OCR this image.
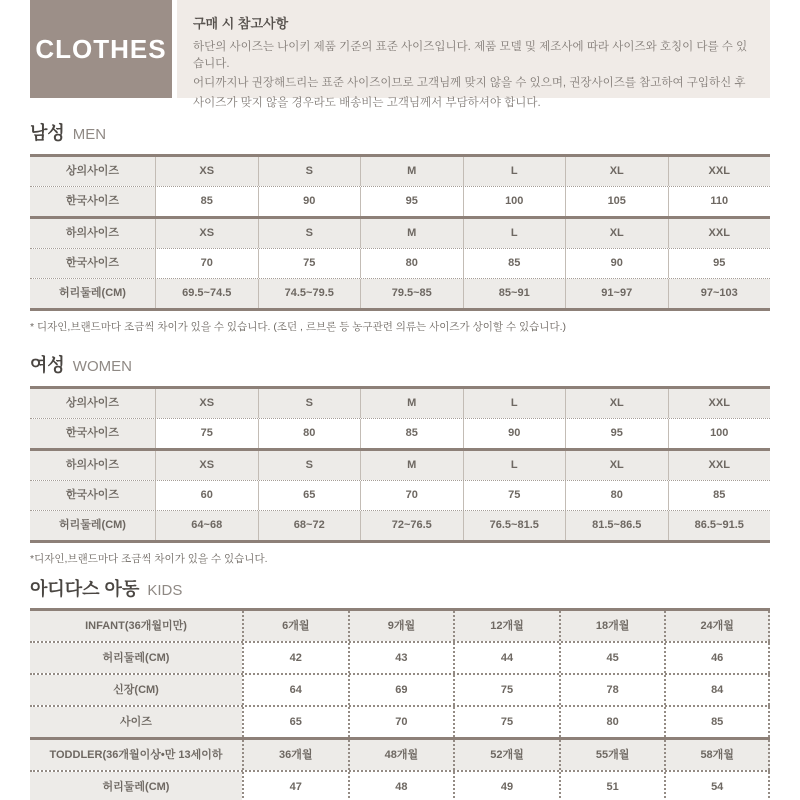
CLOTHES
구매 시 참고사항

하단의 사이즈는 나이키 제품 기준의 표준 사이즈입니다. 제품 모델 및 제조사에 따라 사이즈와 호칭이 다를 수 있습니다.

어디까지나 권장해드리는 표준 사이즈이므로 고객님께 맞지 않을 수 있으며, 권장사이즈를 참고하여 구입하신 후

사이즈가 맞지 않을 경우라도 배송비는 고객님께서 부담하셔야 합니다.

남성 MEN
상의사이즈	XS	S	M	L	XL	XXL
한국사이즈	85	90	95	100	105	110
하의사이즈	XS	S	M	L	XL	XXL
한국사이즈	70	75	80	85	90	95
허리둘레(CM)	69.5~74.5	74.5~79.5	79.5~85	85~91	91~97	97~103

* 디자인,브랜드마다 조금씩 차이가 있을 수 있습니다. (조던 , 르브론 등 농구관련 의류는 사이즈가 상이할 수 있습니다.)

여성 WOMEN
상의사이즈	XS	S	M	L	XL	XXL
한국사이즈	75	80	85	90	95	100
하의사이즈	XS	S	M	L	XL	XXL
한국사이즈	60	65	70	75	80	85
허리둘레(CM)	64~68	68~72	72~76.5	76.5~81.5	81.5~86.5	86.5~91.5

*디자인,브랜드마다 조금씩 차이가 있을 수 있습니다.

아디다스 아동 KIDS
INFANT(36개월미만)	6개월	9개월	12개월	18개월	24개월
허리둘레(CM)	42	43	44	45	46
신장(CM)	64	69	75	78	84
사이즈	65	70	75	80	85
TODDLER(36개월이상•만 13세이하	36개월	48개월	52개월	55개월	58개월
허리둘레(CM)	47	48	49	51	54
